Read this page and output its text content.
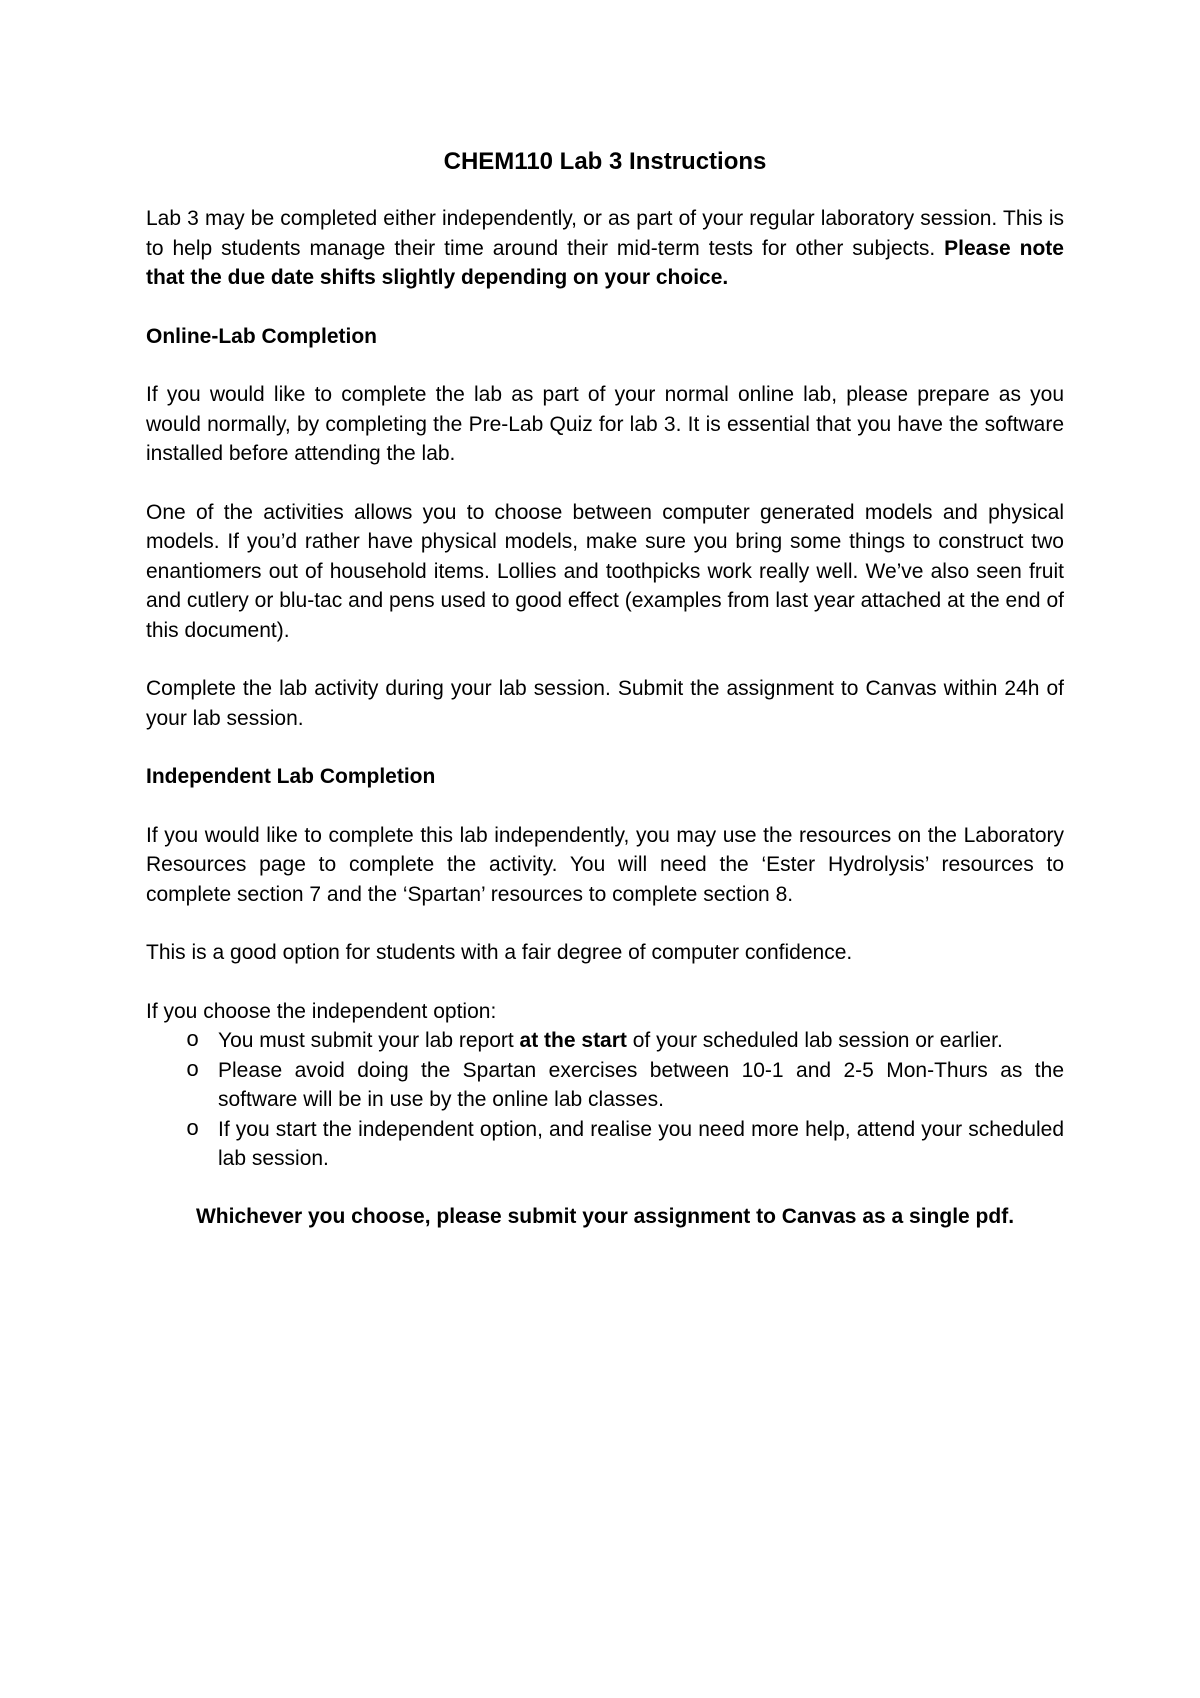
CHEM110 Lab 3 Instructions
Lab 3 may be completed either independently, or as part of your regular laboratory session. This is to help students manage their time around their mid-term tests for other subjects. Please note that the due date shifts slightly depending on your choice.
Online-Lab Completion
If you would like to complete the lab as part of your normal online lab, please prepare as you would normally, by completing the Pre-Lab Quiz for lab 3. It is essential that you have the software installed before attending the lab.
One of the activities allows you to choose between computer generated models and physical models. If you’d rather have physical models, make sure you bring some things to construct two enantiomers out of household items. Lollies and toothpicks work really well. We’ve also seen fruit and cutlery or blu-tac and pens used to good effect (examples from last year attached at the end of this document).
Complete the lab activity during your lab session. Submit the assignment to Canvas within 24h of your lab session.
Independent Lab Completion
If you would like to complete this lab independently, you may use the resources on the Laboratory Resources page to complete the activity. You will need the ‘Ester Hydrolysis’ resources to complete section 7 and the ‘Spartan’ resources to complete section 8.
This is a good option for students with a fair degree of computer confidence.
If you choose the independent option:
o You must submit your lab report at the start of your scheduled lab session or earlier.
o Please avoid doing the Spartan exercises between 10-1 and 2-5 Mon-Thurs as the software will be in use by the online lab classes.
o If you start the independent option, and realise you need more help, attend your scheduled lab session.
Whichever you choose, please submit your assignment to Canvas as a single pdf.
